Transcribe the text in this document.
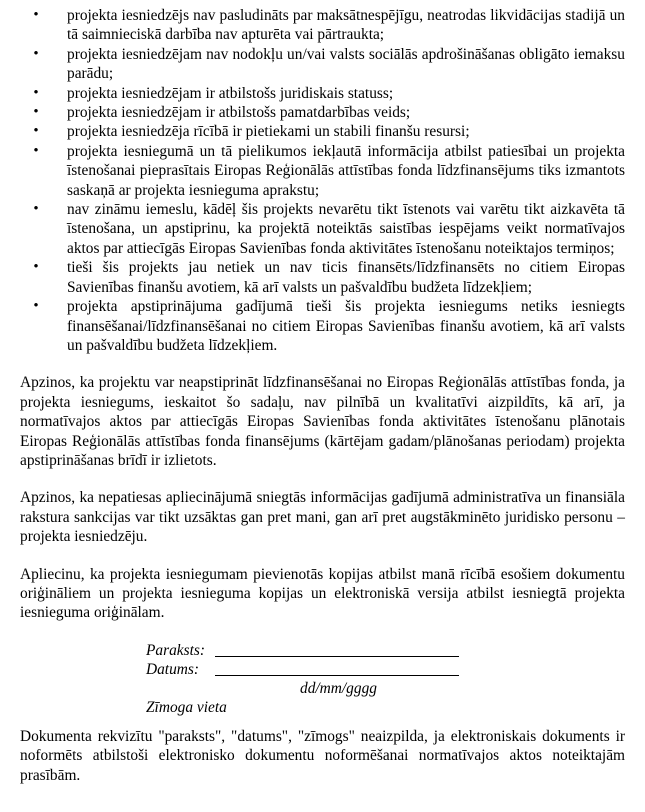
• projekta iesniedzējs nav pasludināts par maksātnespējīgu, neatrodas likvidācijas stadijā un tā saimnieciskā darbība nav apturēta vai pārtraukta;
• projekta iesniedzējam nav nodokļu un/vai valsts sociālās apdrošināšanas obligāto iemaksu parādu;
• projekta iesniedzējam ir atbilstošs juridiskais statuss;
• projekta iesniedzējam ir atbilstošs pamatdarbības veids;
• projekta iesniedzēja rīcībā ir pietiekami un stabili finanšu resursi;
• projekta iesniegumā un tā pielikumos iekļautā informācija atbilst patiesībai un projekta īstenošanai pieprasītais Eiropas Reģionālās attīstības fonda līdzfinansējums tiks izmantots saskaņā ar projekta iesnieguma aprakstu;
• nav zināmu iemeslu, kādēļ šis projekts nevarētu tikt īstenots vai varētu tikt aizkavēta tā īstenošana, un apstiprinu, ka projektā noteiktās saistības iespējams veikt normatīvajos aktos par attiecīgās Eiropas Savienības fonda aktivitātes īstenošanu noteiktajos termiņos;
• tieši šis projekts jau netiek un nav ticis finansēts/līdzfinansēts no citiem Eiropas Savienības finanšu avotiem, kā arī valsts un pašvaldību budžeta līdzekļiem;
• projekta apstiprinājuma gadījumā tieši šis projekta iesniegums netiks iesniegts finansēšanai/līdzfinansēšanai no citiem Eiropas Savienības finanšu avotiem, kā arī valsts un pašvaldību budžeta līdzekļiem.

Apzinos, ka projektu var neapstiprināt līdzfinansēšanai no Eiropas Reģionālās attīstības fonda, ja projekta iesniegums, ieskaitot šo sadaļu, nav pilnībā un kvalitatīvi aizpildīts, kā arī, ja normatīvajos aktos par attiecīgās Eiropas Savienības fonda aktivitātes īstenošanu plānotais Eiropas Reģionālās attīstības fonda finansējums (kārtējam gadam/plānošanas periodam) projekta apstiprināšanas brīdī ir izlietots.

Apzinos, ka nepatiesas apliecinājumā sniegtās informācijas gadījumā administratīva un finansiāla rakstura sankcijas var tikt uzsāktas gan pret mani, gan arī pret augstākminēto juridisko personu – projekta iesniedzēju.

Apliecinu, ka projekta iesniegumam pievienotās kopijas atbilst manā rīcībā esošiem dokumentu oriģināliem un projekta iesnieguma kopijas un elektroniskā versija atbilst iesniegtā projekta iesnieguma oriģinālam.

Paraksts:
Datums:
dd/mm/gggg
Zīmoga vieta

Dokumenta rekvizītu "paraksts", "datums", "zīmogs" neaizpilda, ja elektroniskais dokuments ir noformēts atbilstoši elektronisko dokumentu noformēšanai normatīvajos aktos noteiktajām prasībām.
